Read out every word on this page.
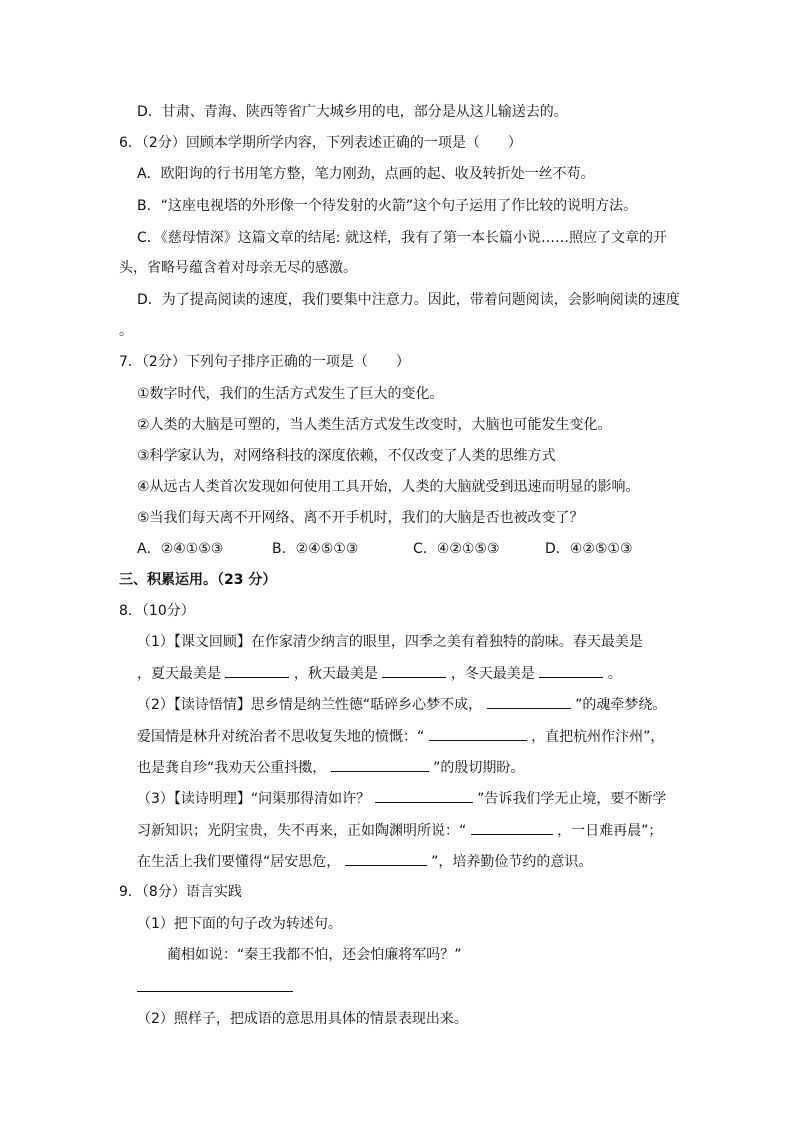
D．甘肃、青海、陕西等省广大城乡用的电，部分是从这儿输送去的。
6．（2分）回顾本学期所学内容，下列表述正确的一项是（　　）
A．欧阳询的行书用笔方整，笔力刚劲，点画的起、收及转折处一丝不苟。
B．“这座电视塔的外形像一个待发射的火箭”这个句子运用了作比较的说明方法。
C．《慈母情深》这篇文章的结尾: 就这样，我有了第一本长篇小说……照应了文章的开
头，省略号蕴含着对母亲无尽的感激。
D．为了提高阅读的速度，我们要集中注意力。因此，带着问题阅读，会影响阅读的速度
。
7．（2分）下列句子排序正确的一项是（　　）
①数字时代，我们的生活方式发生了巨大的变化。
②人类的大脑是可塑的，当人类生活方式发生改变时，大脑也可能发生变化。
③科学家认为，对网络科技的深度依赖，不仅改变了人类的思维方式
④从远古人类首次发现如何使用工具开始，人类的大脑就受到迅速而明显的影响。
⑤当我们每天离不开网络、离不开手机时，我们的大脑是否也被改变了？
A．②④①⑤③	B．②④⑤①③	C．④②①⑤③	D．④②⑤①③
三、积累运用。（23 分）
8．（10分）
（1）【课文回顾】在作家清少纳言的眼里，四季之美有着独特的韵味。春天最美是
，夏天最美是	，秋天最美是	，冬天最美是	。
（2）【读诗悟情】思乡情是纳兰性德“聒碎乡心梦不成，	”的魂牵梦绕。
爱国情是林升对统治者不思收复失地的愤慨：“	，直把杭州作汴州”，
也是龚自珍“我劝天公重抖擞，	”的殷切期盼。
（3）【读诗明理】“问渠那得清如许？	”告诉我们学无止境，要不断学
习新知识；光阴宝贵，失不再来，正如陶渊明所说：“	，一日难再晨”；
在生活上我们要懂得“居安思危，	”，培养勤俭节约的意识。
9．（8分）语言实践
（1）把下面的句子改为转述句。
蔺相如说：“秦王我都不怕，还会怕廉将军吗？”
（2）照样子，把成语的意思用具体的情景表现出来。
